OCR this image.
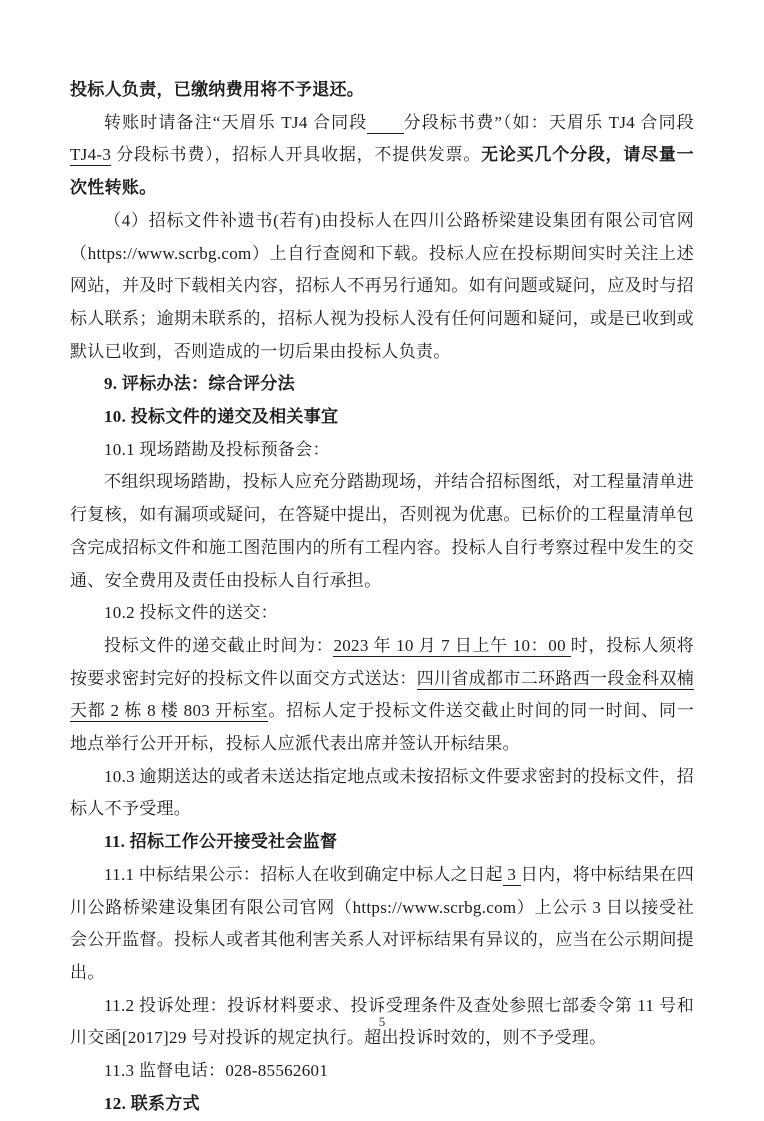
投标人负责，已缴纳费用将不予退还。

转账时请备注“天眉乐 TJ4 合同段　　 分段标书费”（如：天眉乐 TJ4 合同段 TJ4-3 分段标书费），招标人开具收据，不提供发票。无论买几个分段，请尽量一次性转账。

（4）招标文件补遗书(若有)由投标人在四川公路桥梁建设集团有限公司官网（https://www.scrbg.com）上自行查阅和下载。投标人应在投标期间实时关注上述网站，并及时下载相关内容，招标人不再另行通知。如有问题或疑问，应及时与招标人联系；逾期未联系的，招标人视为投标人没有任何问题和疑问，或是已收到或默认已收到，否则造成的一切后果由投标人负责。

9. 评标办法：综合评分法

10. 投标文件的递交及相关事宜

10.1 现场踏勘及投标预备会：

不组织现场踏勘，投标人应充分踏勘现场，并结合招标图纸，对工程量清单进行复核，如有漏项或疑问，在答疑中提出，否则视为优惠。已标价的工程量清单包含完成招标文件和施工图范围内的所有工程内容。投标人自行考察过程中发生的交通、安全费用及责任由投标人自行承担。

10.2 投标文件的送交：

投标文件的递交截止时间为：2023 年 10 月 7 日上午 10：00 时，投标人须将按要求密封完好的投标文件以面交方式送达：四川省成都市二环路西一段金科双楠天都 2 栋 8 楼 803 开标室。招标人定于投标文件送交截止时间的同一时间、同一地点举行公开开标，投标人应派代表出席并签认开标结果。

10.3 逾期送达的或者未送达指定地点或未按招标文件要求密封的投标文件，招标人不予受理。

11. 招标工作公开接受社会监督

11.1 中标结果公示：招标人在收到确定中标人之日起 3 日内，将中标结果在四川公路桥梁建设集团有限公司官网（https://www.scrbg.com）上公示 3 日以接受社会公开监督。投标人或者其他利害关系人对评标结果有异议的，应当在公示期间提出。

11.2 投诉处理：投诉材料要求、投诉受理条件及查处参照七部委令第 11 号和川交函[2017]29 号对投诉的规定执行。超出投诉时效的，则不予受理。

11.3 监督电话：028-85562601

12. 联系方式

5
